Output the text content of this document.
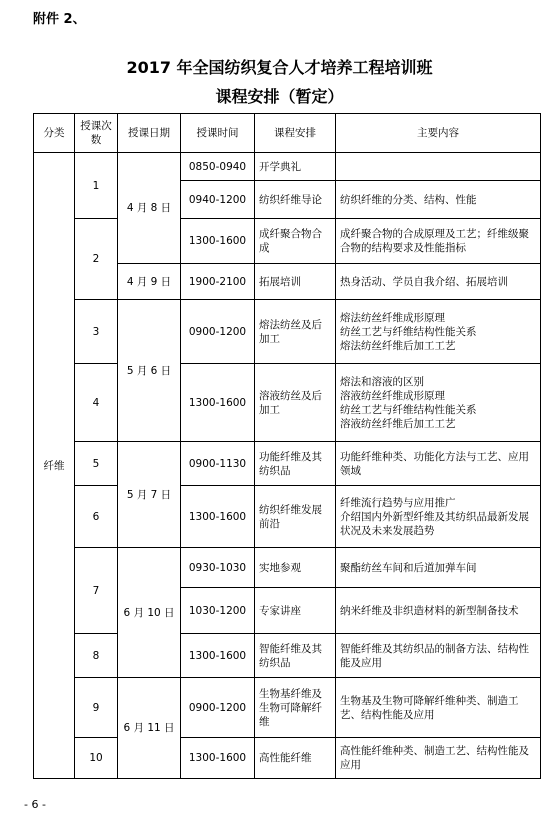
附件 2、
2017 年全国纺织复合人才培养工程培训班
课程安排（暂定）
分类	授课次数	授课日期	授课时间	课程安排	主要内容
纤维	1	4 月 8 日	0850-0940	开学典礼	
			0940-1200	纺织纤维导论	纺织纤维的分类、结构、性能
	2		1300-1600	成纤聚合物合成	成纤聚合物的合成原理及工艺；纤维级聚合物的结构要求及性能指标
		4 月 9 日	1900-2100	拓展培训	热身活动、学员自我介绍、拓展培训
	3	5 月 6 日	0900-1200	熔法纺丝及后加工	熔法纺丝纤维成形原理
纺丝工艺与纤维结构性能关系
熔法纺丝纤维后加工工艺
	4		1300-1600	溶液纺丝及后加工	熔法和溶液的区别
溶液纺丝纤维成形原理
纺丝工艺与纤维结构性能关系
溶液纺丝纤维后加工工艺
	5	5 月 7 日	0900-1130	功能纤维及其纺织品	功能纤维种类、功能化方法与工艺、应用领域
	6		1300-1600	纺织纤维发展前沿	纤维流行趋势与应用推广
介绍国内外新型纤维及其纺织品最新发展状况及未来发展趋势
	7	6 月 10 日	0930-1030	实地参观	聚酯纺丝车间和后道加弹车间
			1030-1200	专家讲座	纳米纤维及非织造材料的新型制备技术
	8		1300-1600	智能纤维及其纺织品	智能纤维及其纺织品的制备方法、结构性能及应用
	9	6 月 11 日	0900-1200	生物基纤维及生物可降解纤维	生物基及生物可降解纤维种类、制造工艺、结构性能及应用
	10		1300-1600	高性能纤维	高性能纤维种类、制造工艺、结构性能及应用
- 6 -
